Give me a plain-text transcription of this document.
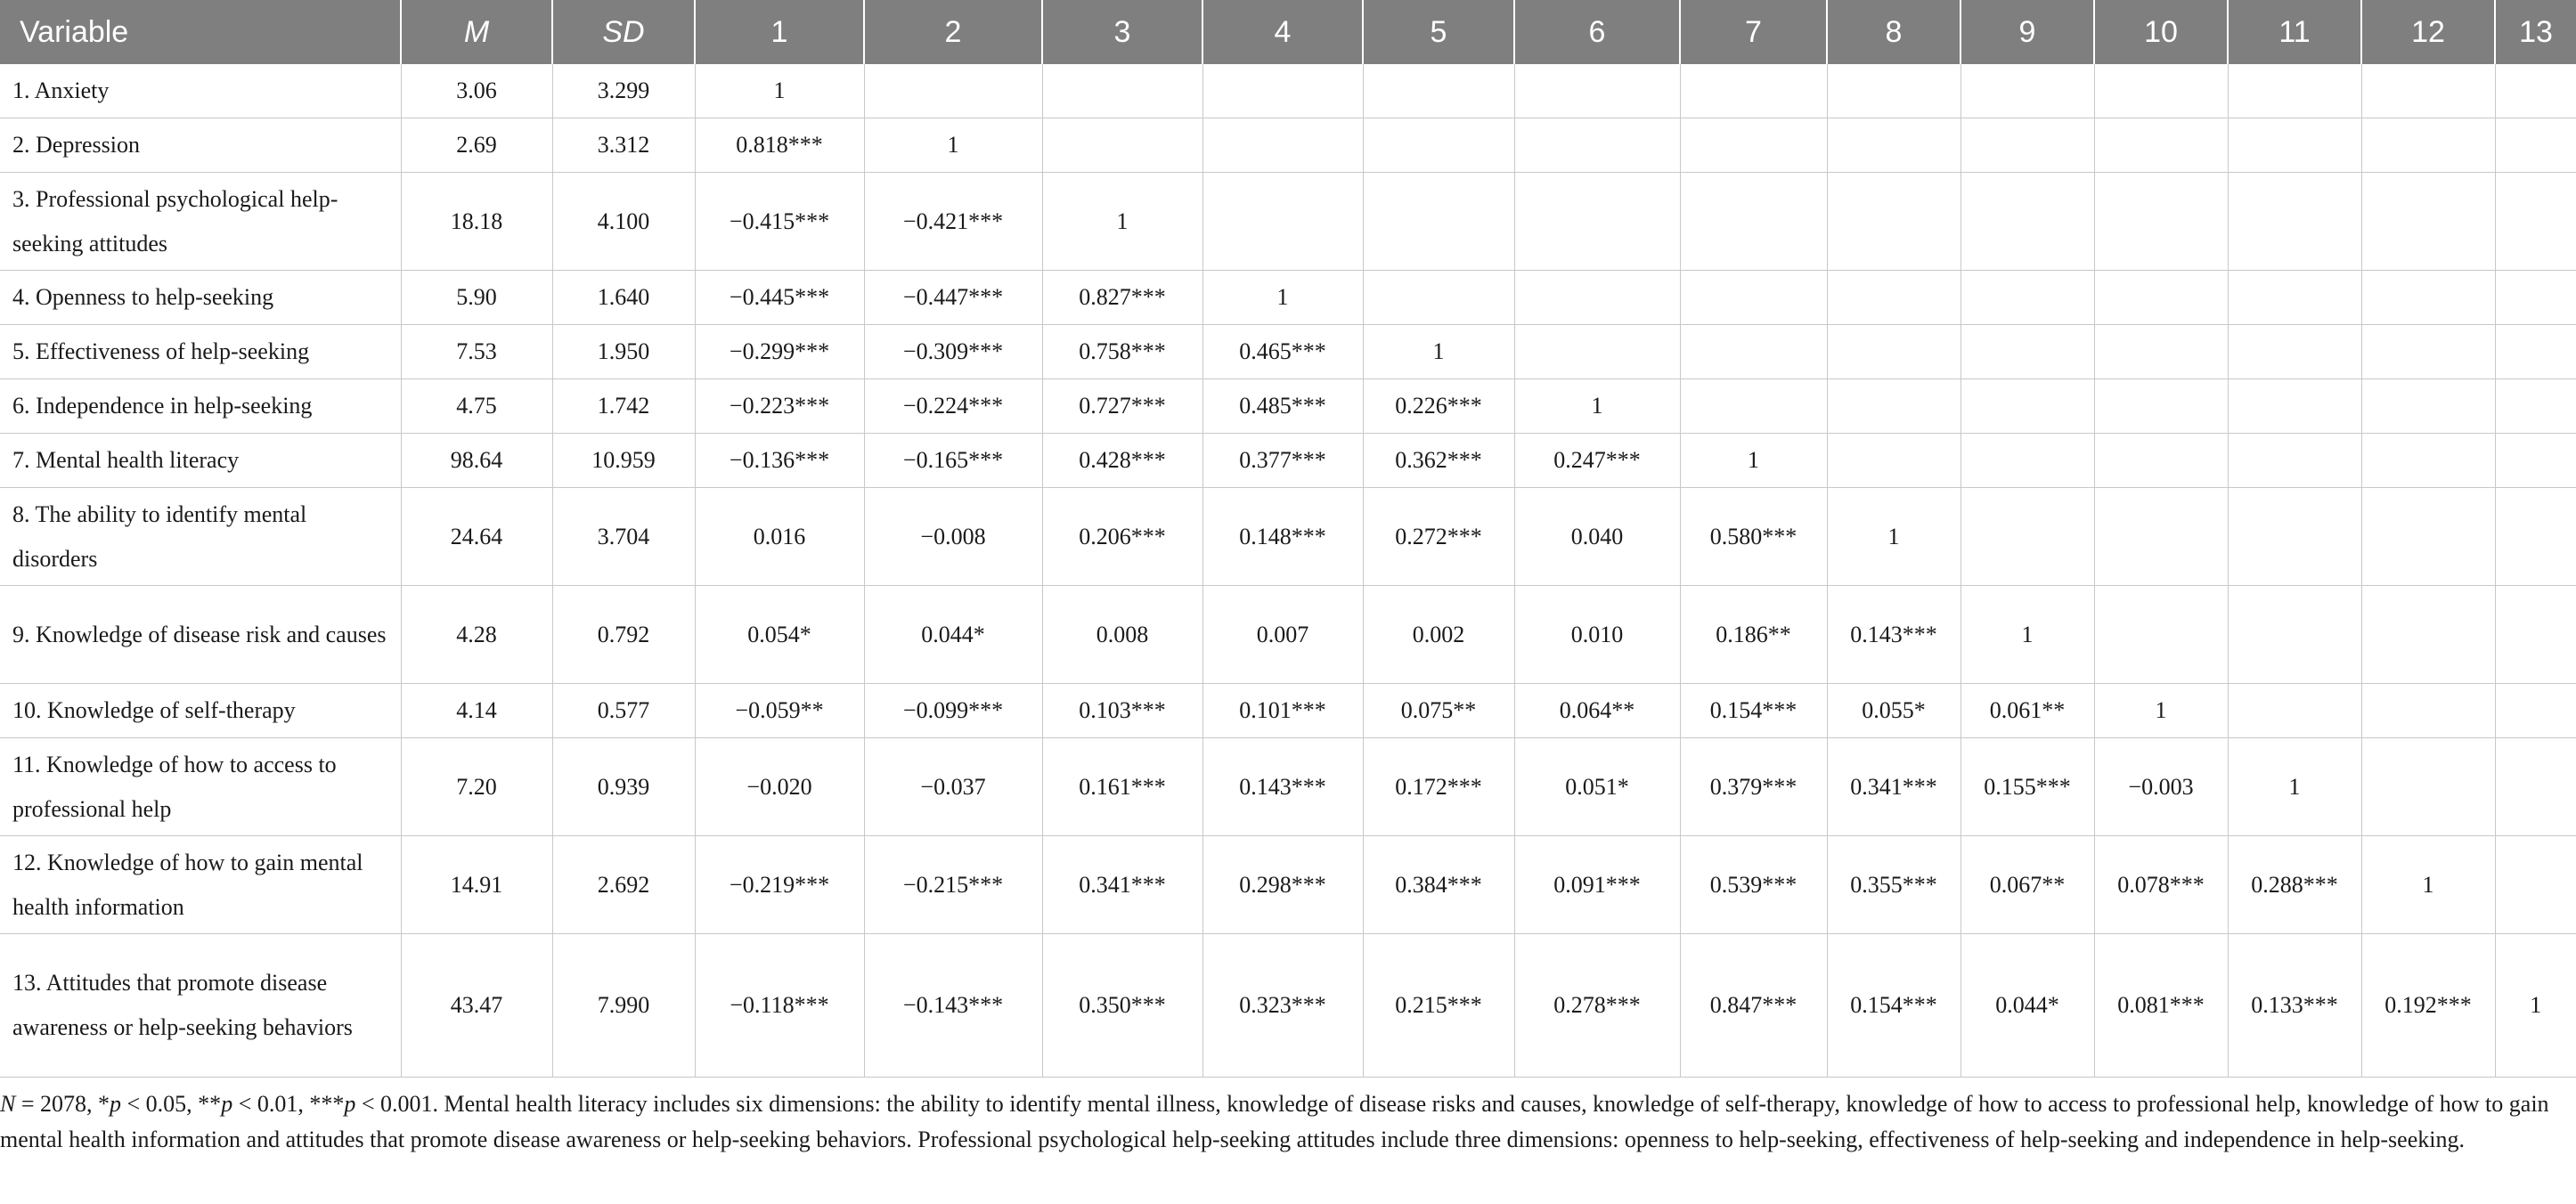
Variable	M	SD	1	2	3	4	5	6	7	8	9	10	11	12	13
1. Anxiety	3.06	3.299	1												
2. Depression	2.69	3.312	0.818***	1											
3. Professional psychological help-seeking attitudes	18.18	4.100	−0.415***	−0.421***	1										
4. Openness to help-seeking	5.90	1.640	−0.445***	−0.447***	0.827***	1									
5. Effectiveness of help-seeking	7.53	1.950	−0.299***	−0.309***	0.758***	0.465***	1								
6. Independence in help-seeking	4.75	1.742	−0.223***	−0.224***	0.727***	0.485***	0.226***	1							
7. Mental health literacy	98.64	10.959	−0.136***	−0.165***	0.428***	0.377***	0.362***	0.247***	1						
8. The ability to identify mental disorders	24.64	3.704	0.016	−0.008	0.206***	0.148***	0.272***	0.040	0.580***	1					
9. Knowledge of disease risk and causes	4.28	0.792	0.054*	0.044*	0.008	0.007	0.002	0.010	0.186**	0.143***	1				
10. Knowledge of self-therapy	4.14	0.577	−0.059**	−0.099***	0.103***	0.101***	0.075**	0.064**	0.154***	0.055*	0.061**	1			
11. Knowledge of how to access to professional help	7.20	0.939	−0.020	−0.037	0.161***	0.143***	0.172***	0.051*	0.379***	0.341***	0.155***	−0.003	1		
12. Knowledge of how to gain mental health information	14.91	2.692	−0.219***	−0.215***	0.341***	0.298***	0.384***	0.091***	0.539***	0.355***	0.067**	0.078***	0.288***	1	
13. Attitudes that promote disease awareness or help-seeking behaviors	43.47	7.990	−0.118***	−0.143***	0.350***	0.323***	0.215***	0.278***	0.847***	0.154***	0.044*	0.081***	0.133***	0.192***	1
N = 2078, *p < 0.05, **p < 0.01, ***p < 0.001. Mental health literacy includes six dimensions: the ability to identify mental illness, knowledge of disease risks and causes, knowledge of self-therapy, knowledge of how to access to professional help, knowledge of how to gain mental health information and attitudes that promote disease awareness or help-seeking behaviors. Professional psychological help-seeking attitudes include three dimensions: openness to help-seeking, effectiveness of help-seeking and independence in help-seeking.
